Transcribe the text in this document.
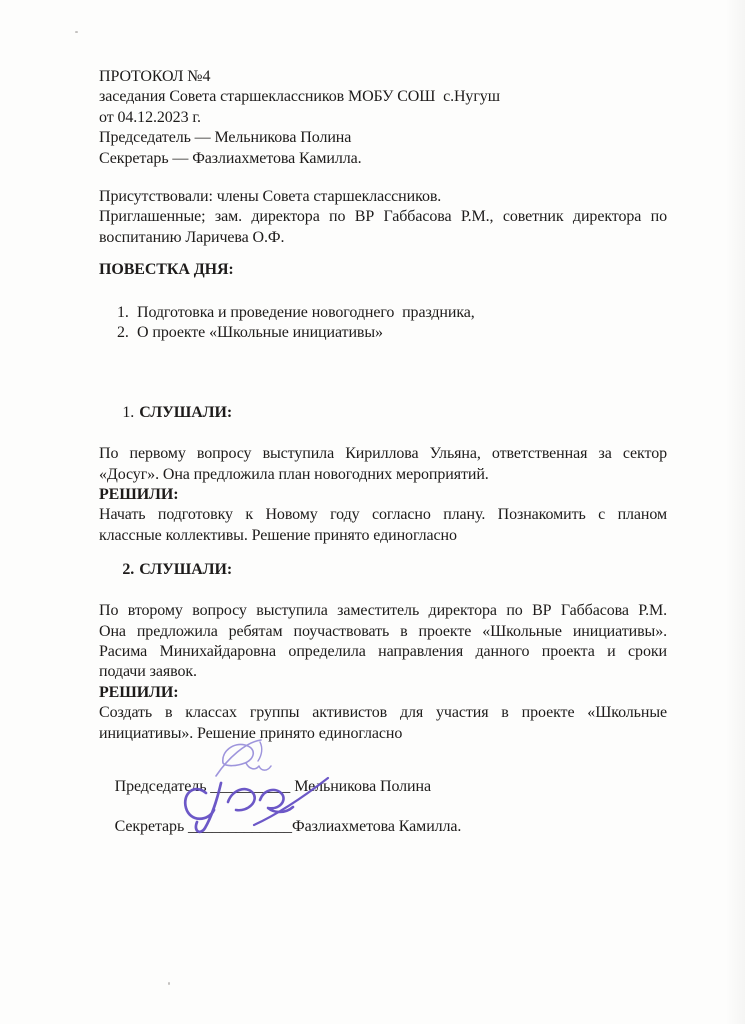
ПРОТОКОЛ №4
заседания Совета старшеклассников МОБУ СОШ  с.Нугуш
от 04.12.2023 г.
Председатель — Мельникова Полина
Секретарь — Фазлиахметова Камилла.
Присутствовали: члены Совета старшеклассников.
Приглашенные; зам. директора по ВР Габбасова Р.М., советник директора по
воспитанию Ларичева О.Ф.
ПОВЕСТКА ДНЯ:
1. Подготовка и проведение новогоднего  праздника,
2. О проекте «Школьные инициативы»

1. СЛУШАЛИ:

По первому вопросу выступила Кириллова Ульяна, ответственная за сектор
«Досуг». Она предложила план новогодних мероприятий.
РЕШИЛИ:
Начать подготовку к Новому году согласно плану. Познакомить с планом
классные коллективы. Решение принято единогласно

2. СЛУШАЛИ:

По второму вопросу выступила заместитель директора по ВР Габбасова Р.М.
Она предложила ребятам поучаствовать в проекте «Школьные инициативы».
Расима Минихайдаровна определила направления данного проекта и сроки
подачи заявок.
РЕШИЛИ:
Создать в классах группы активистов для участия в проекте «Школьные
инициативы». Решение принято единогласно

Председатель __________ Мельникова Полина

Секретарь _____________Фазлиахметова Камилла.
